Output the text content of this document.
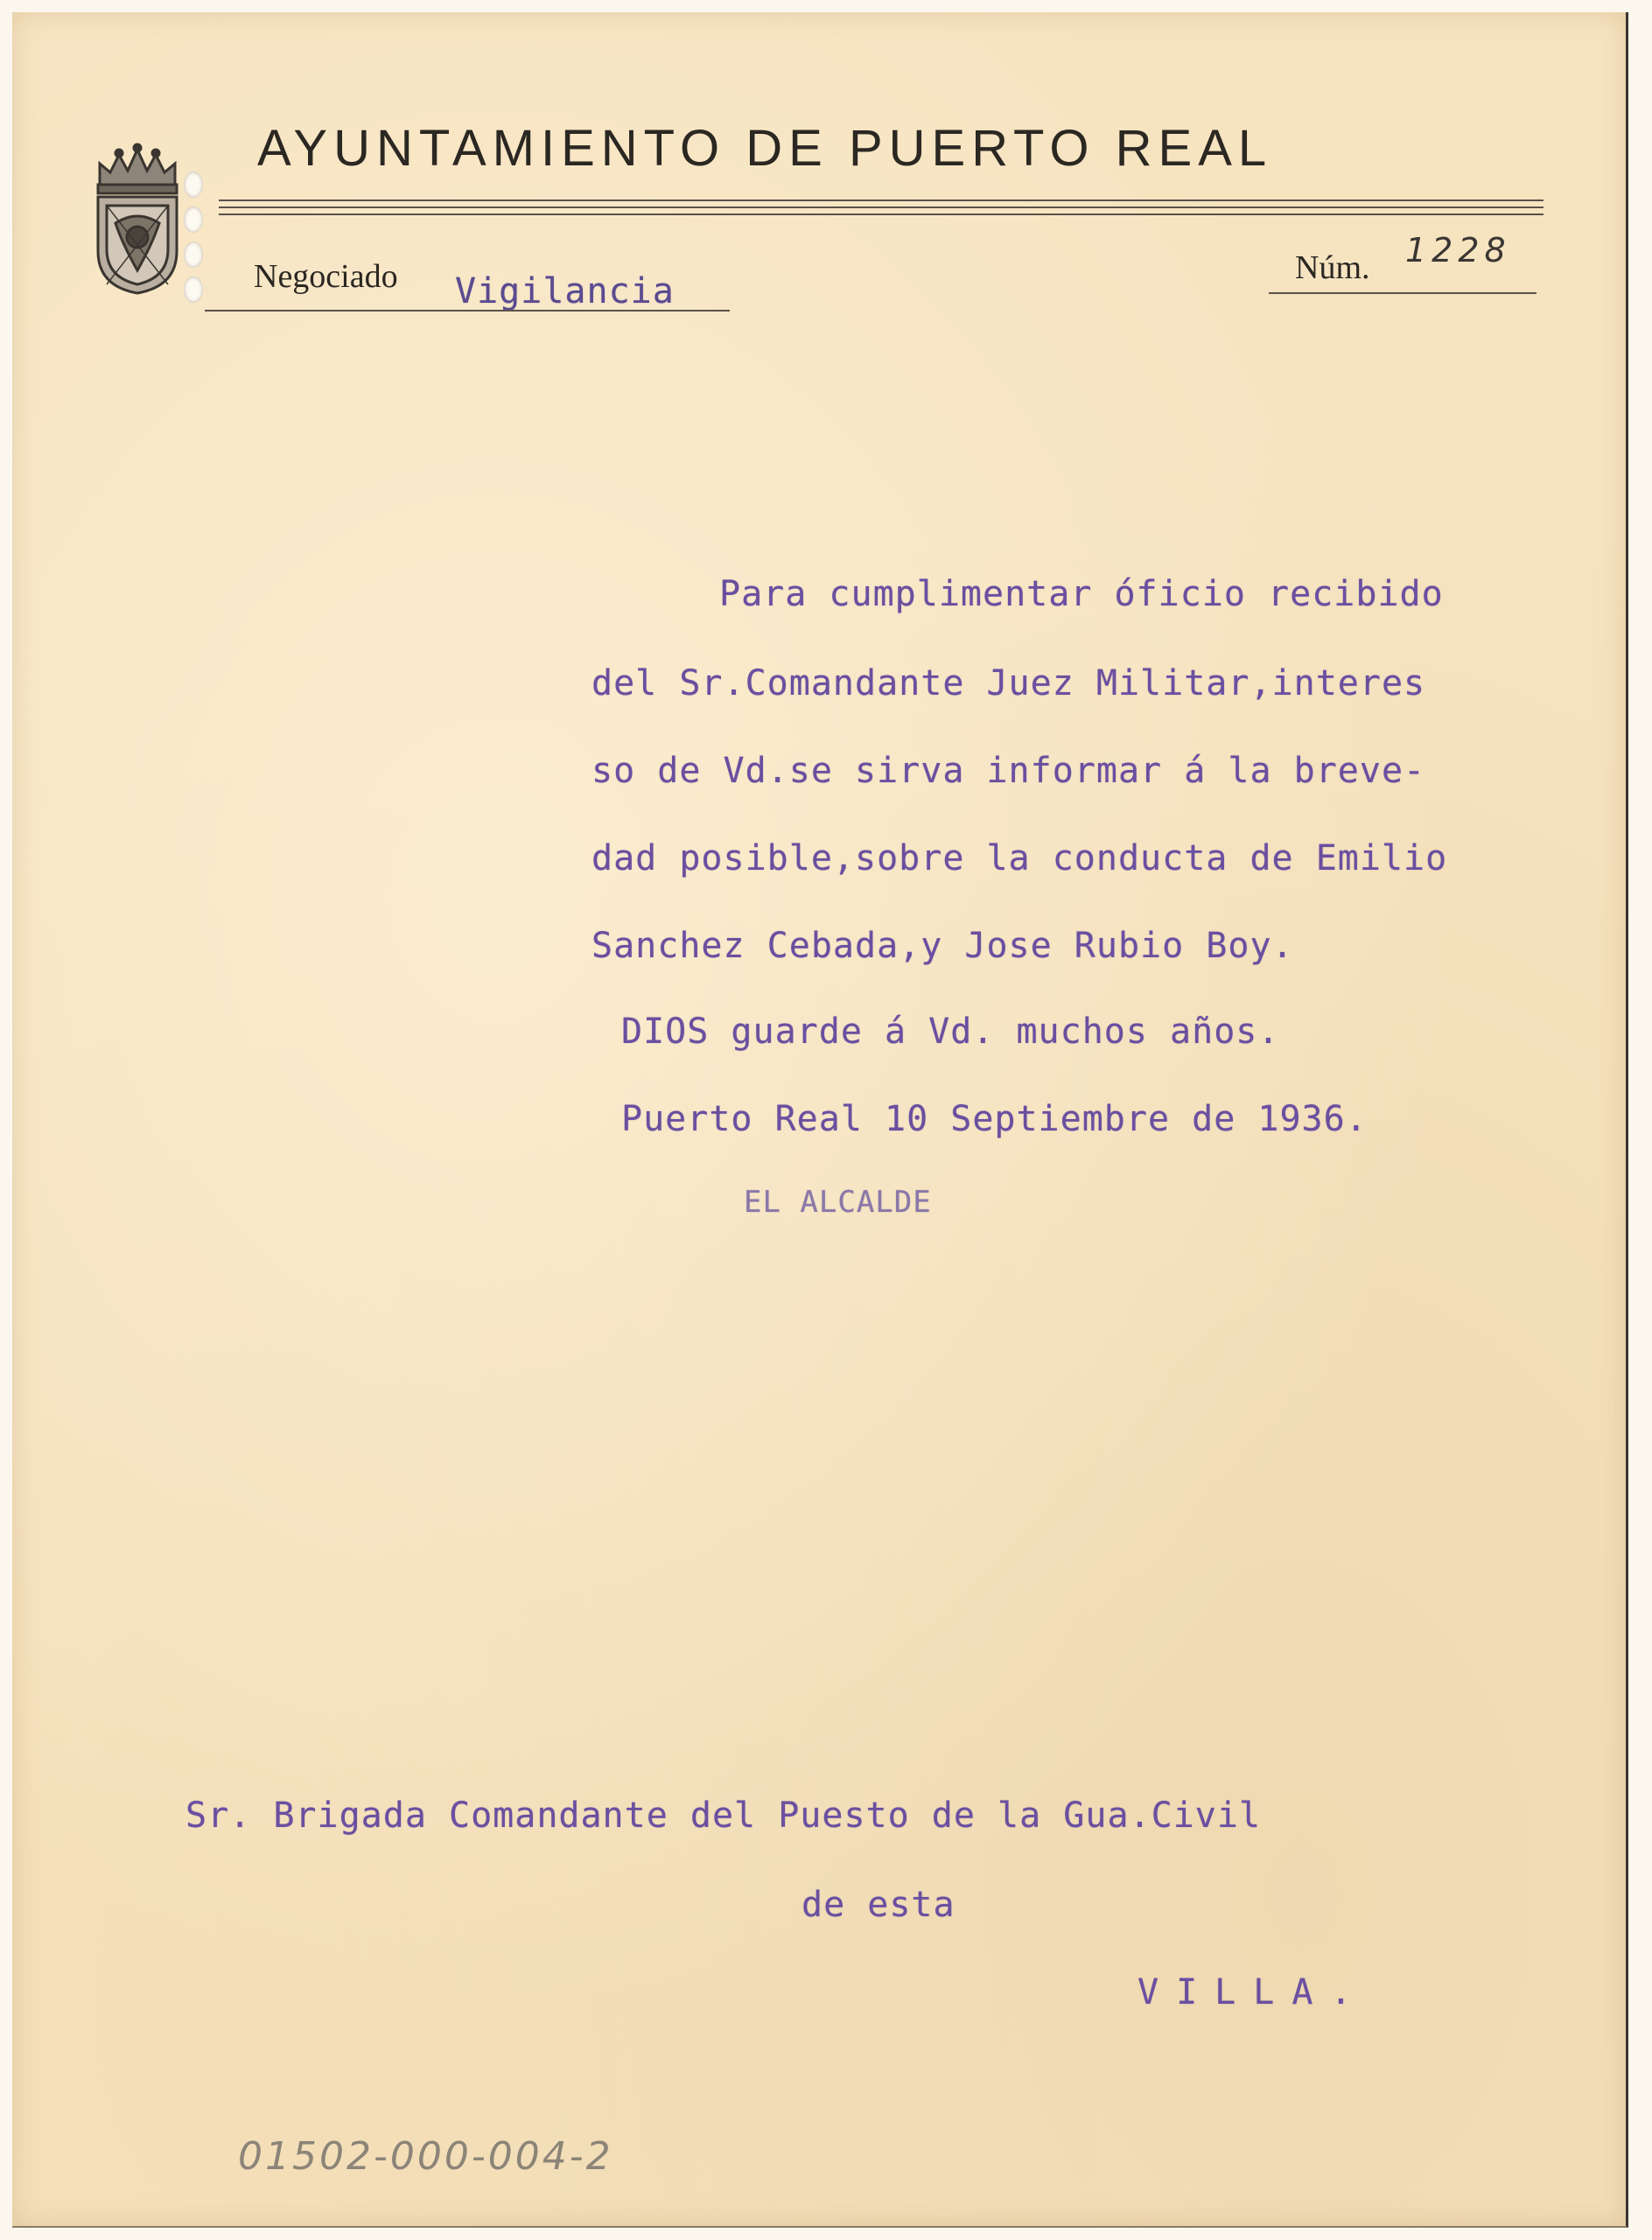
AYUNTAMIENTO DE PUERTO REAL
Negociado Vigilancia
Núm. 1228
Para cumplimentar óficio recibido
del Sr.Comandante Juez Militar,interes
so de Vd.se sirva informar á la breve-
dad posible,sobre la conducta de Emilio
Sanchez Cebada,y Jose Rubio Boy.
DIOS guarde á Vd. muchos años.
Puerto Real 10 Septiembre de 1936.
EL ALCALDE
Sr. Brigada Comandante del Puesto de la Gua.Civil
de esta
VILLA.
01502-000-004-2
